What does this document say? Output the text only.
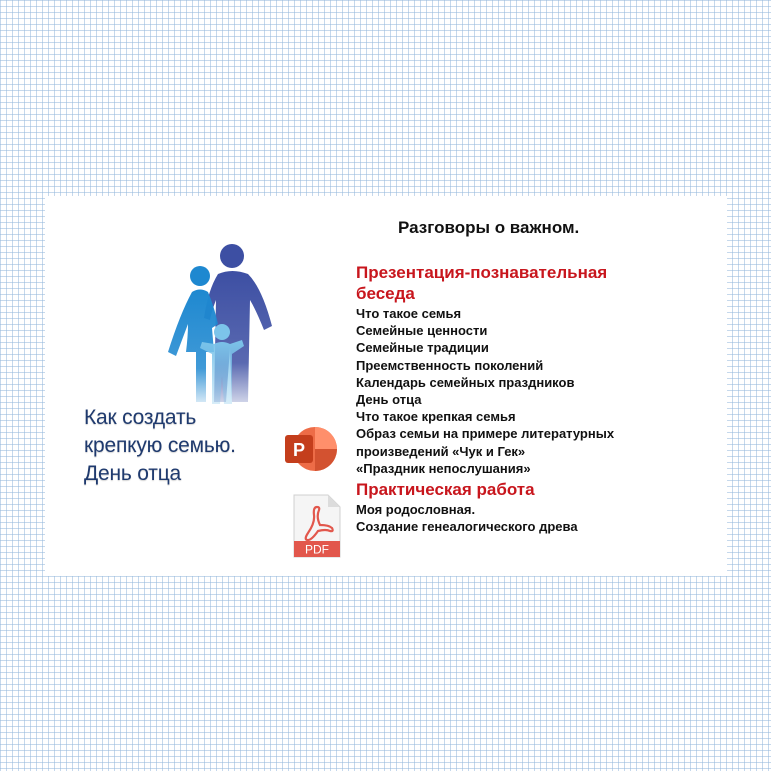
Как создать
крепкую семью.
День отца
P
PDF
Разговоры о важном.
Презентация-познавательная
беседа
Что такое семья
Семейные ценности
Семейные традиции
Преемственность поколений
Календарь семейных праздников
День отца
Что такое крепкая семья
Образ семьи на примере литературных
произведений «Чук и Гек»
«Праздник непослушания»
Практическая работа
Моя родословная.
Создание генеалогического древа
